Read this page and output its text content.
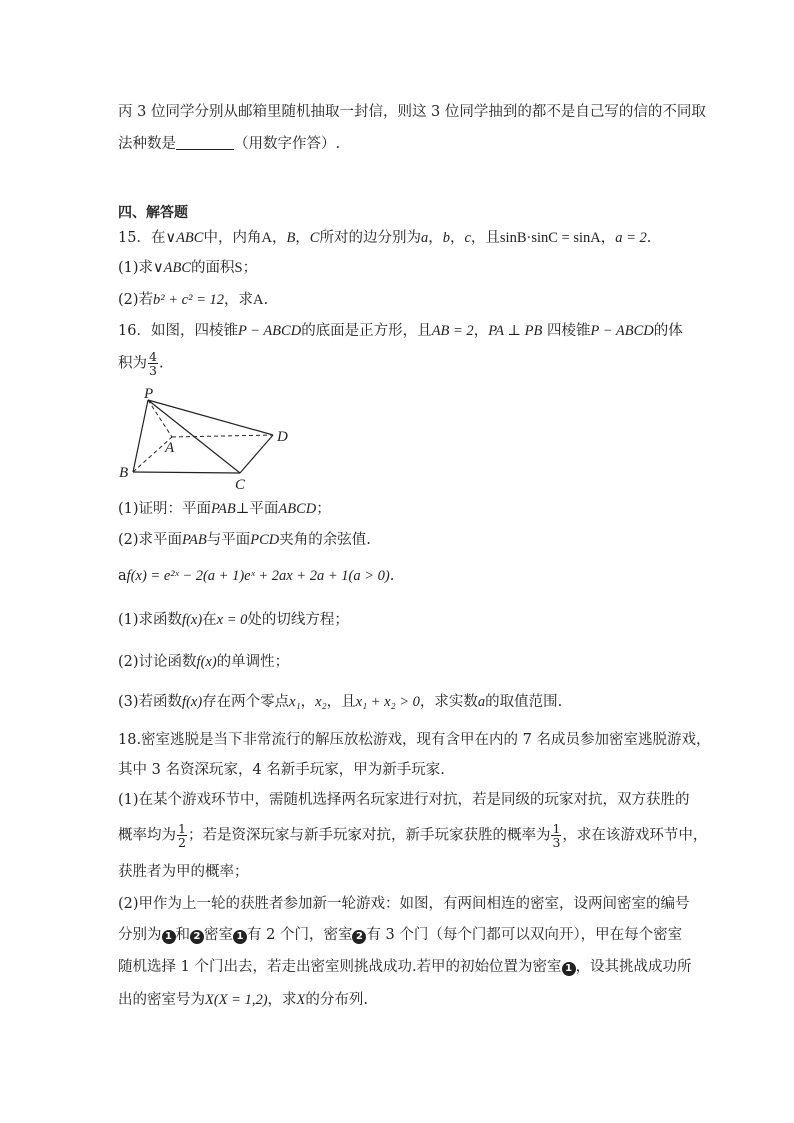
丙 3 位同学分别从邮箱里随机抽取一封信，则这 3 位同学抽到的都不是自己写的信的不同取
法种数是	（用数字作答）.
四、解答题
15．在∨ABC中，内角A，B，C所对的边分别为a，b，c，且sinB·sinC = sinA，a = 2.
(1)求∨ABC的面积S；
(2)若b² + c² = 12，求A.
16．如图，四棱锥P − ABCD的底面是正方形，且AB = 2，PA ⊥ PB 四棱锥P − ABCD的体
积为 $\frac{4}{3}$ .
P
A
B
C
D
(1)证明：平面PAB⊥平面ABCD；
(2)求平面PAB与平面PCD夹角的余弦值.
af(x) = e²ˣ − 2(a + 1)eˣ + 2ax + 2a + 1(a > 0).
(1)求函数f(x)在x = 0处的切线方程；
(2)讨论函数f(x)的单调性；
(3)若函数f(x)存在两个零点x₁，x₂，且x₁ + x₂ > 0，求实数a的取值范围.
18.密室逃脱是当下非常流行的解压放松游戏，现有含甲在内的 7 名成员参加密室逃脱游戏，
其中 3 名资深玩家，4 名新手玩家，甲为新手玩家.
(1)在某个游戏环节中，需随机选择两名玩家进行对抗，若是同级的玩家对抗，双方获胜的
概率均为 $\frac{1}{2}$ ；若是资深玩家与新手玩家对抗，新手玩家获胜的概率为 $\frac{1}{3}$ ，求在该游戏环节中，
获胜者为甲的概率；
(2)甲作为上一轮的获胜者参加新一轮游戏：如图，有两间相连的密室，设两间密室的编号
分别为 1 和 2 密室 1 有 2 个门，密室 2 有 3 个门（每个门都可以双向开），甲在每个密室
随机选择 1 个门出去，若走出密室则挑战成功.若甲的初始位置为密室 1 ，设其挑战成功所
出的密室号为X(X = 1,2)，求X的分布列.
